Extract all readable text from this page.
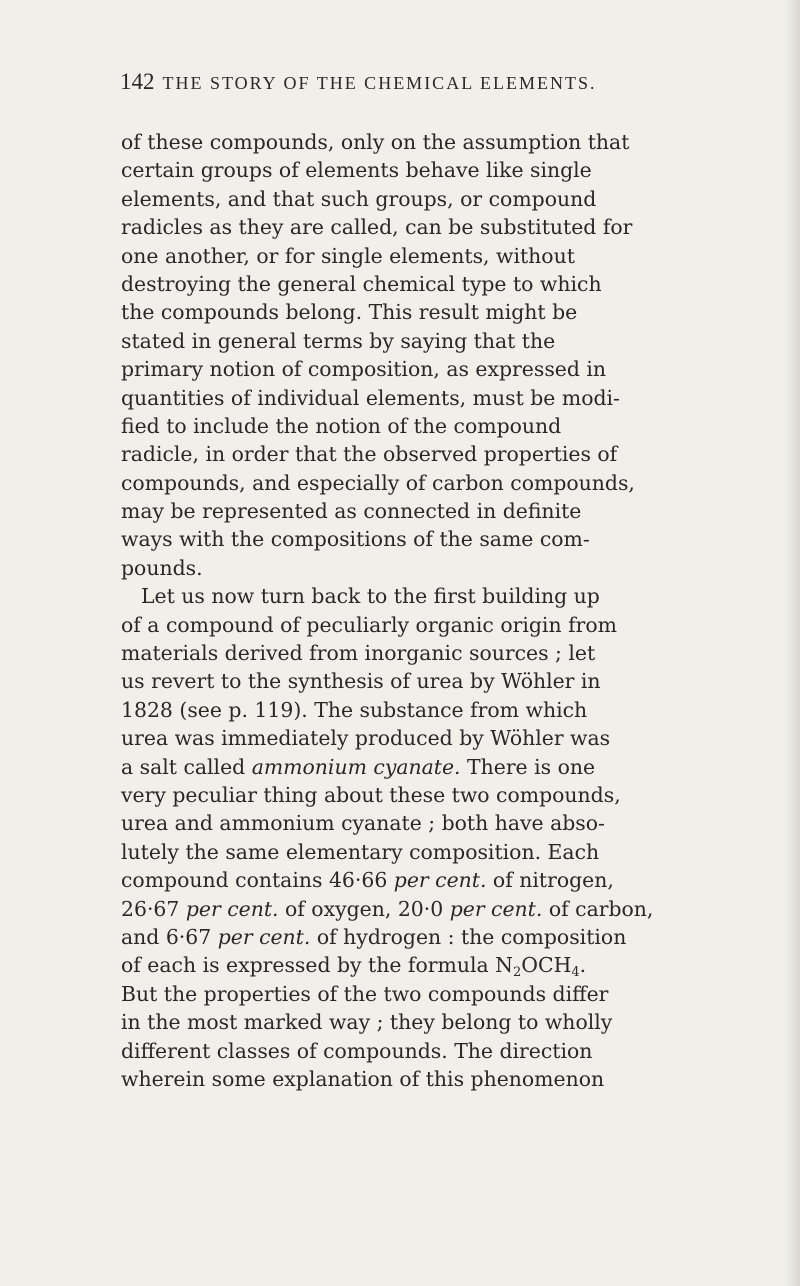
142 THE STORY OF THE CHEMICAL ELEMENTS.
of these compounds, only on the assumption that
certain groups of elements behave like single
elements, and that such groups, or compound
radicles as they are called, can be substituted for
one another, or for single elements, without
destroying the general chemical type to which
the compounds belong. This result might be
stated in general terms by saying that the
primary notion of composition, as expressed in
quantities of individual elements, must be modi-
fied to include the notion of the compound
radicle, in order that the observed properties of
compounds, and especially of carbon compounds,
may be represented as connected in definite
ways with the compositions of the same com-
pounds.
Let us now turn back to the first building up
of a compound of peculiarly organic origin from
materials derived from inorganic sources ; let
us revert to the synthesis of urea by Wöhler in
1828 (see p. 119). The substance from which
urea was immediately produced by Wöhler was
a salt called ammonium cyanate. There is one
very peculiar thing about these two compounds,
urea and ammonium cyanate ; both have abso-
lutely the same elementary composition. Each
compound contains 46·66 per cent. of nitrogen,
26·67 per cent. of oxygen, 20·0 per cent. of carbon,
and 6·67 per cent. of hydrogen : the composition
of each is expressed by the formula $N_2OCH_4$.
But the properties of the two compounds differ
in the most marked way ; they belong to wholly
different classes of compounds. The direction
wherein some explanation of this phenomenon
